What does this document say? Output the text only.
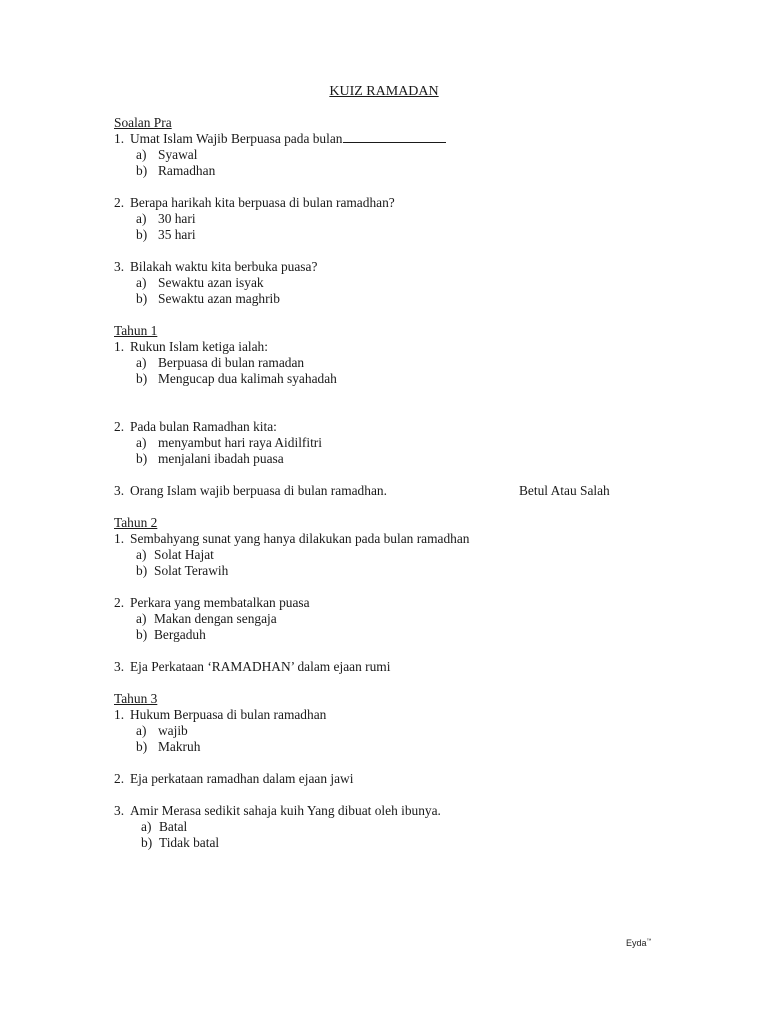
KUIZ RAMADAN
Soalan Pra
1. Umat Islam Wajib Berpuasa pada bulan
a) Syawal
b) Ramadhan
2. Berapa harikah kita berpuasa di bulan ramadhan?
a) 30 hari
b) 35 hari
3. Bilakah waktu kita berbuka puasa?
a) Sewaktu azan isyak
b) Sewaktu azan maghrib
Tahun 1
1. Rukun Islam ketiga ialah:
a) Berpuasa di bulan ramadan
b) Mengucap dua kalimah syahadah
2. Pada bulan Ramadhan kita:
a) menyambut hari raya Aidilfitri
b) menjalani ibadah puasa
3. Orang Islam wajib berpuasa di bulan ramadhan.	Betul Atau Salah
Tahun 2
1. Sembahyang sunat yang hanya dilakukan pada bulan ramadhan
a) Solat Hajat
b) Solat Terawih
2. Perkara yang membatalkan puasa
a) Makan dengan sengaja
b) Bergaduh
3. Eja Perkataan ‘RAMADHAN’ dalam ejaan rumi
Tahun 3
1. Hukum Berpuasa di bulan ramadhan
a) wajib
b) Makruh
2. Eja perkataan ramadhan dalam ejaan jawi
3. Amir Merasa sedikit sahaja kuih Yang dibuat oleh ibunya.
a) Batal
b) Tidak batal
Eyda™
